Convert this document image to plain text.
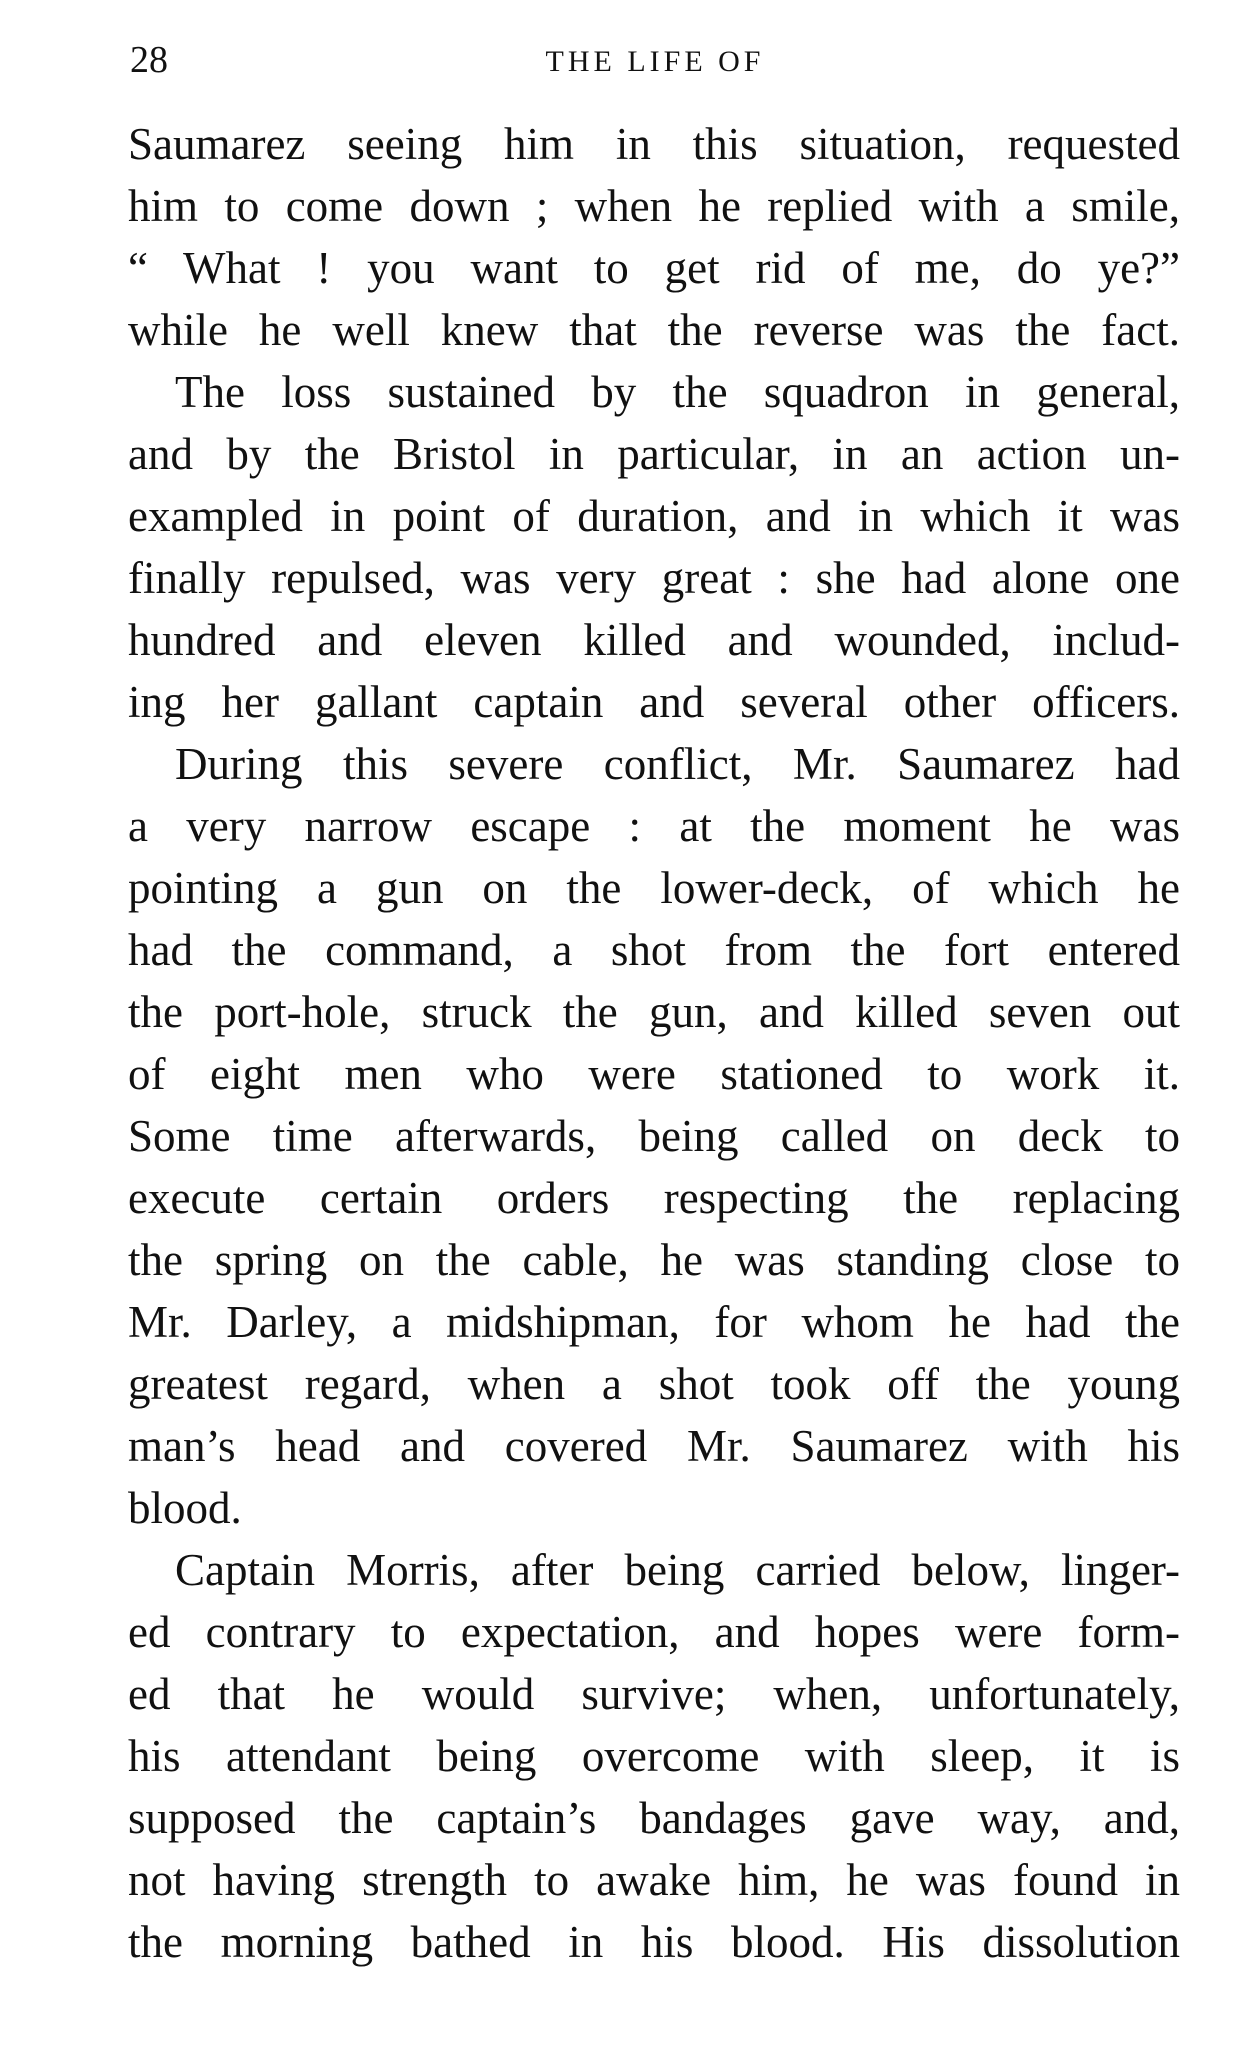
28	THE LIFE OF
Saumarez seeing him in this situation, requested
him to come down ; when he replied with a smile,
“ What ! you want to get rid of me, do ye?”
while he well knew that the reverse was the fact.
The loss sustained by the squadron in general,
and by the Bristol in particular, in an action un-
exampled in point of duration, and in which it was
finally repulsed, was very great : she had alone one
hundred and eleven killed and wounded, includ-
ing her gallant captain and several other officers.
During this severe conflict, Mr. Saumarez had
a very narrow escape : at the moment he was
pointing a gun on the lower-deck, of which he
had the command, a shot from the fort entered
the port-hole, struck the gun, and killed seven out
of eight men who were stationed to work it.
Some time afterwards, being called on deck to
execute certain orders respecting the replacing
the spring on the cable, he was standing close to
Mr. Darley, a midshipman, for whom he had the
greatest regard, when a shot took off the young
man’s head and covered Mr. Saumarez with his
blood.
Captain Morris, after being carried below, linger-
ed contrary to expectation, and hopes were form-
ed that he would survive; when, unfortunately,
his attendant being overcome with sleep, it is
supposed the captain’s bandages gave way, and,
not having strength to awake him, he was found in
the morning bathed in his blood. His dissolution
